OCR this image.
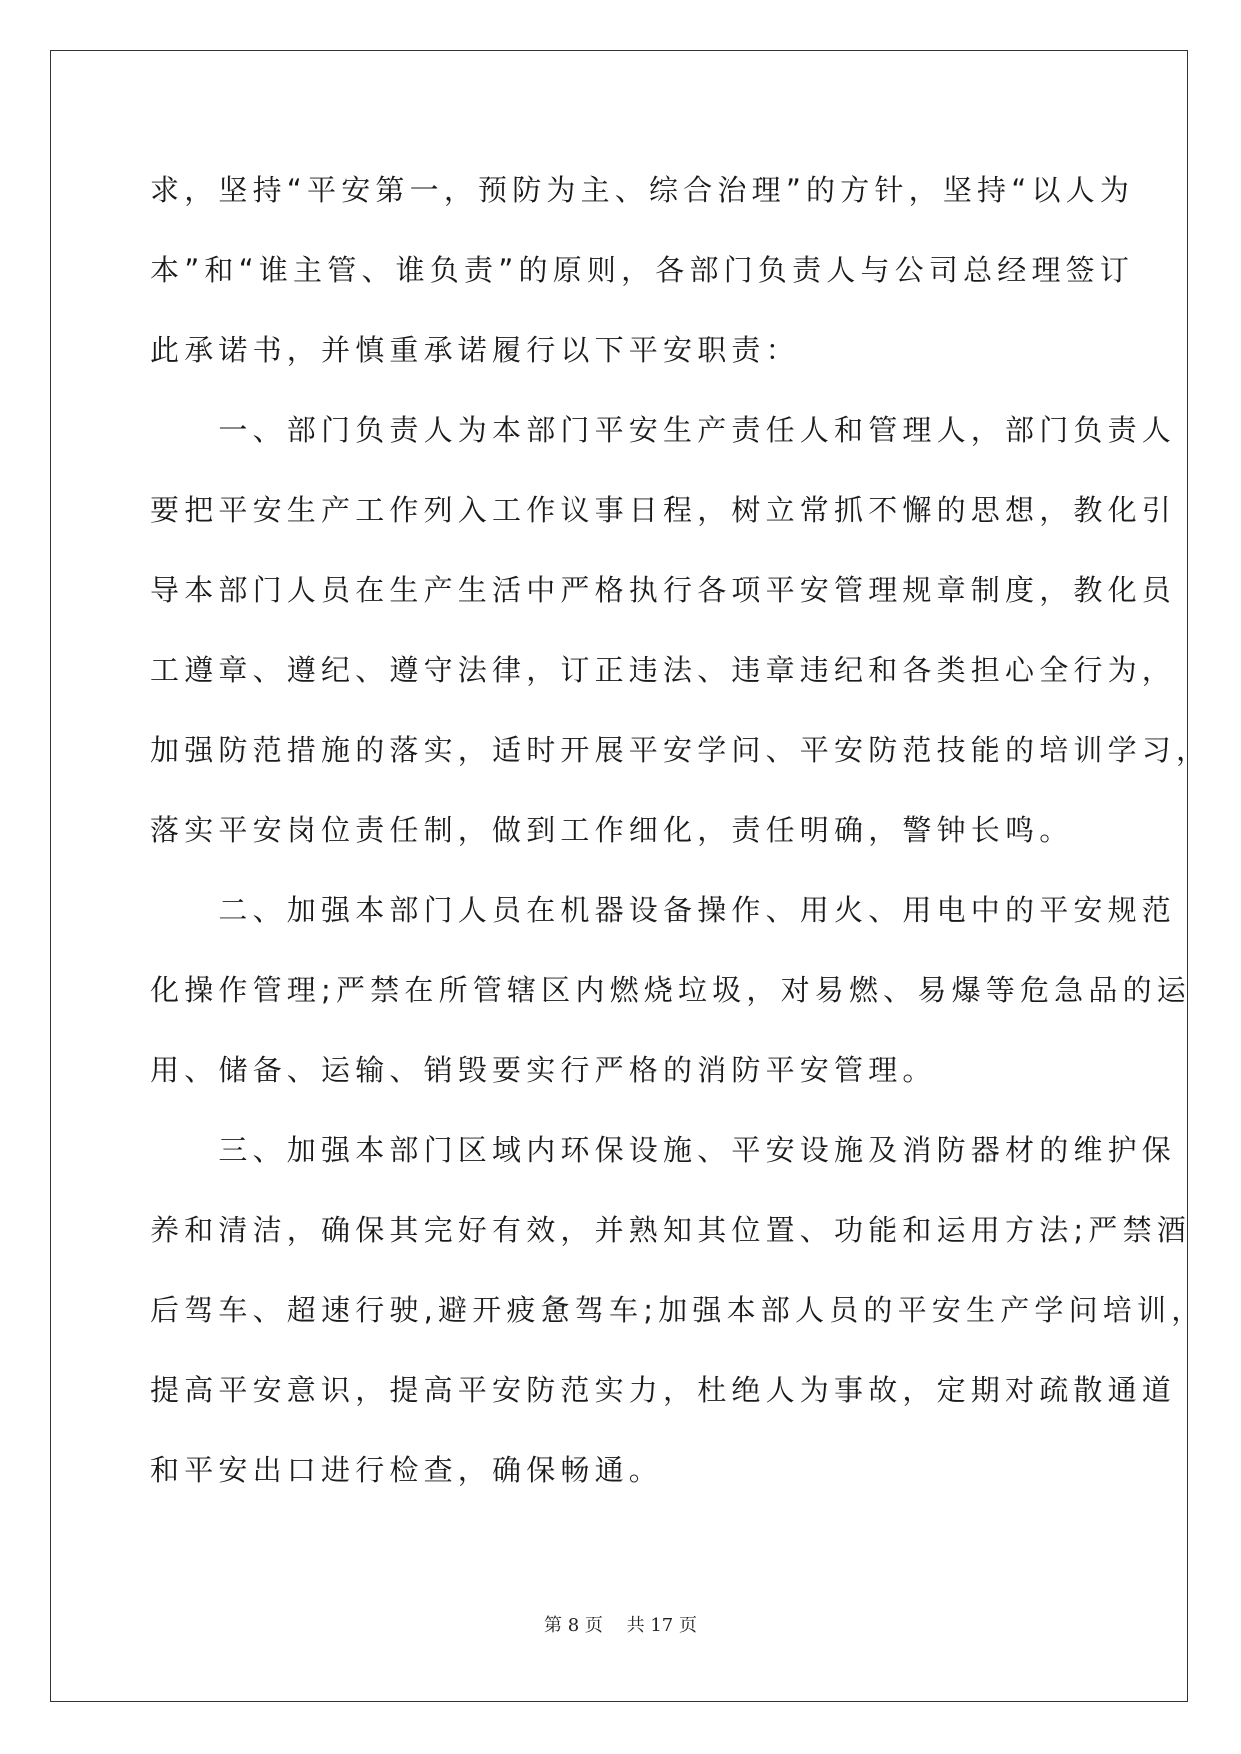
求，坚持“平安第一，预防为主、综合治理”的方针，坚持“以人为
本”和“谁主管、谁负责”的原则，各部门负责人与公司总经理签订
此承诺书，并慎重承诺履行以下平安职责：
　　一、部门负责人为本部门平安生产责任人和管理人，部门负责人
要把平安生产工作列入工作议事日程，树立常抓不懈的思想，教化引
导本部门人员在生产生活中严格执行各项平安管理规章制度，教化员
工遵章、遵纪、遵守法律，订正违法、违章违纪和各类担心全行为，
加强防范措施的落实，适时开展平安学问、平安防范技能的培训学习，
落实平安岗位责任制，做到工作细化，责任明确，警钟长鸣。
　　二、加强本部门人员在机器设备操作、用火、用电中的平安规范
化操作管理;严禁在所管辖区内燃烧垃圾，对易燃、易爆等危急品的运
用、储备、运输、销毁要实行严格的消防平安管理。
　　三、加强本部门区域内环保设施、平安设施及消防器材的维护保
养和清洁，确保其完好有效，并熟知其位置、功能和运用方法;严禁酒
后驾车、超速行驶,避开疲惫驾车;加强本部人员的平安生产学问培训，
提高平安意识，提高平安防范实力，杜绝人为事故，定期对疏散通道
和平安出口进行检查，确保畅通。
第 8 页　 共 17 页
